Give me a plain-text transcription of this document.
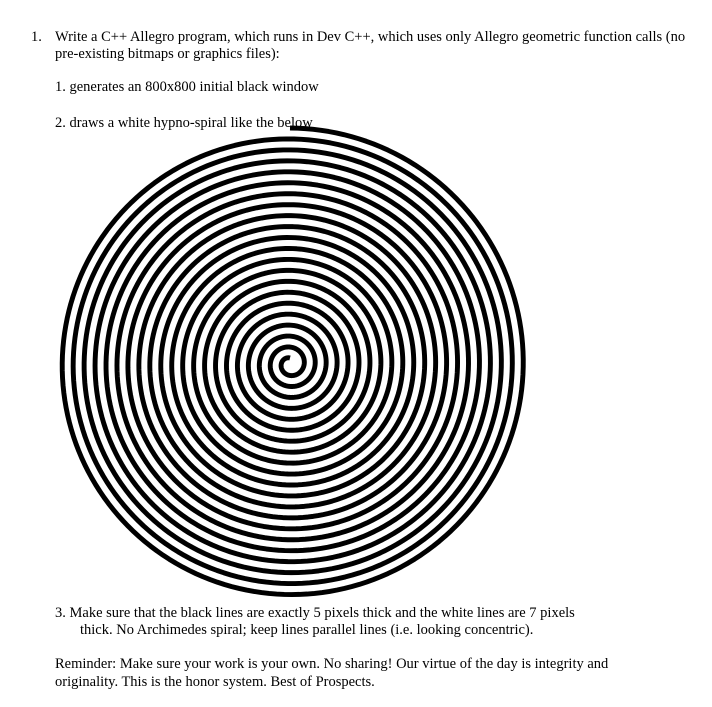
1. Write a C++ Allegro program, which runs in Dev C++, which uses only Allegro geometric function calls (no
pre-existing bitmaps or graphics files):
1. generates an 800x800 initial black window
2. draws a white hypno-spiral like the below
3. Make sure that the black lines are exactly 5 pixels thick and the white lines are 7 pixels
thick. No Archimedes spiral; keep lines parallel lines (i.e. looking concentric).
Reminder: Make sure your work is your own. No sharing! Our virtue of the day is integrity and
originality. This is the honor system. Best of Prospects.
